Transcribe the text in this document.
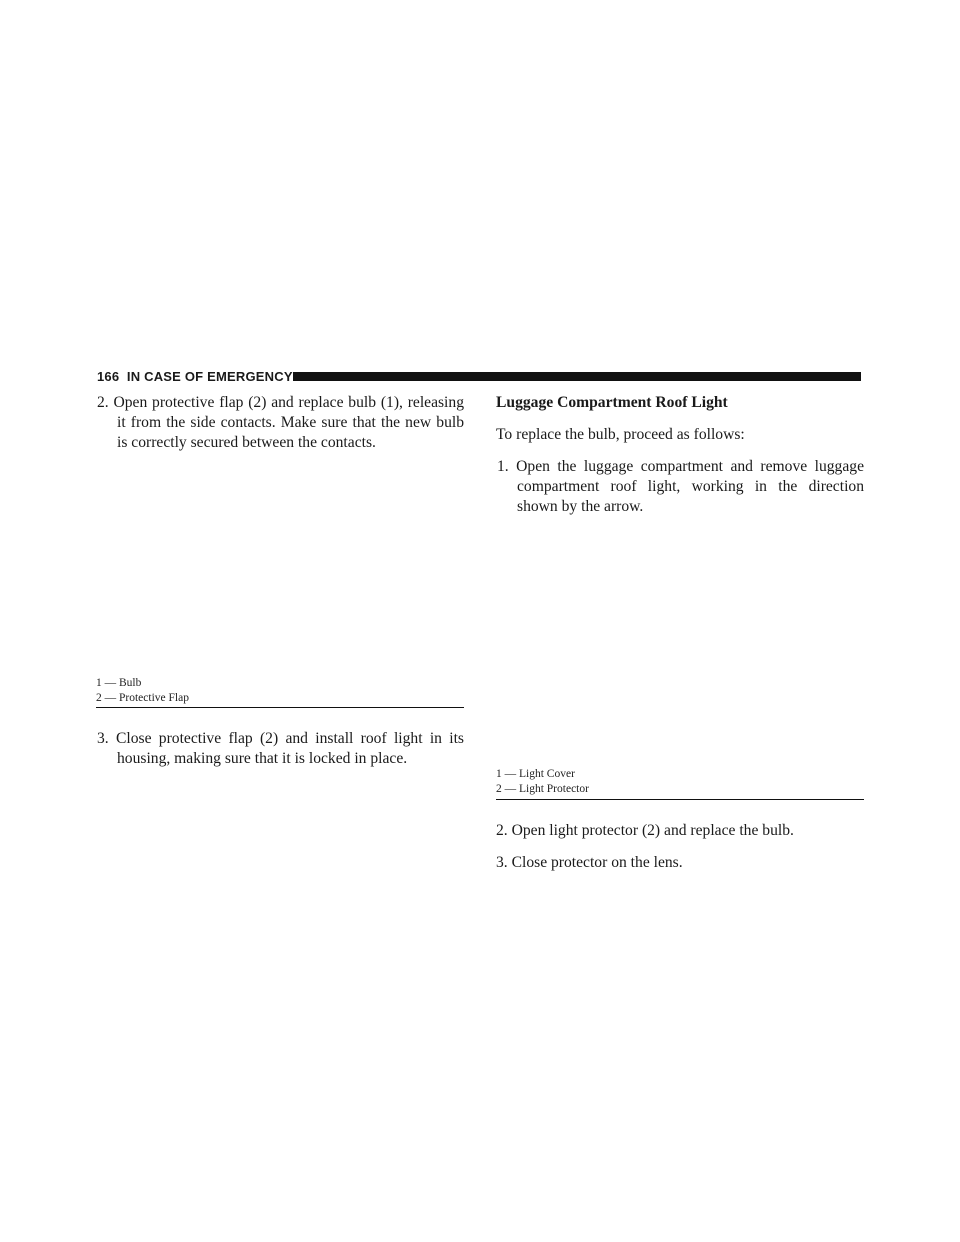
166 IN CASE OF EMERGENCY
2. Open protective flap (2) and replace bulb (1), releasing it from the side contacts. Make sure that the new bulb is correctly secured between the contacts.
1 — Bulb
2 — Protective Flap
3. Close protective flap (2) and install roof light in its housing, making sure that it is locked in place.
Luggage Compartment Roof Light
To replace the bulb, proceed as follows:
1. Open the luggage compartment and remove luggage compartment roof light, working in the direction shown by the arrow.
1 — Light Cover
2 — Light Protector
2. Open light protector (2) and replace the bulb.
3. Close protector on the lens.
